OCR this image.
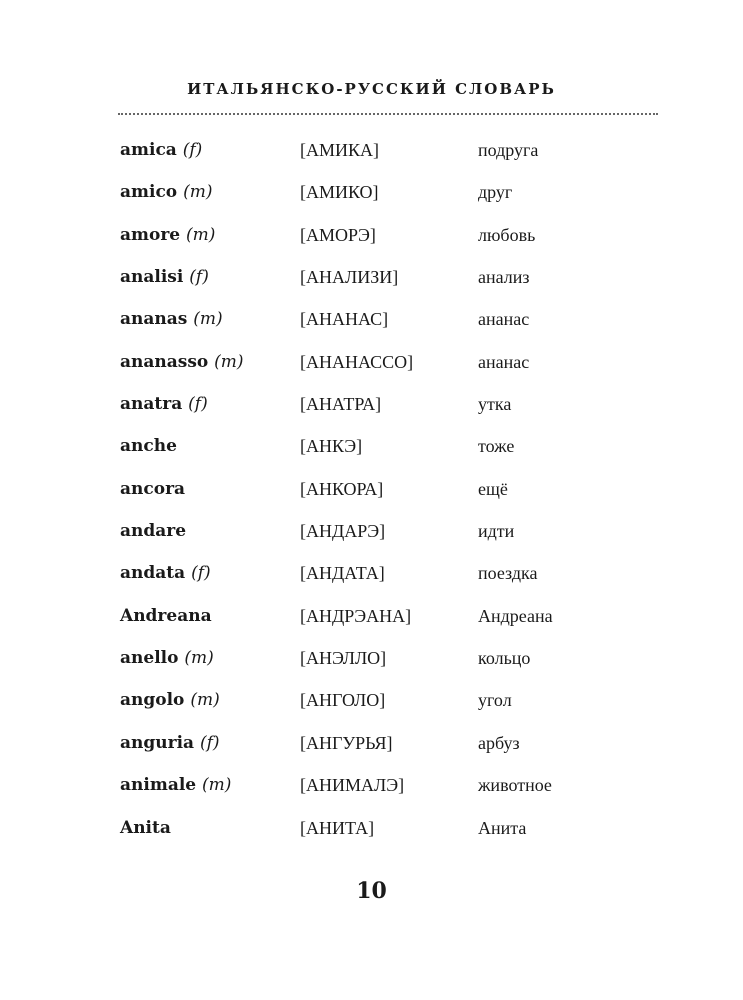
ИТАЛЬЯНСКО-РУССКИЙ СЛОВАРЬ
amica (f)	[АМИКА]	подруга
amico (m)	[АМИКО]	друг
amore (m)	[АМОРЭ]	любовь
analisi (f)	[АНАЛИЗИ]	анализ
ananas (m)	[АНАНАС]	ананас
ananasso (m)	[АНАНАССО]	ананас
anatra (f)	[АНАТРА]	утка
anche	[АНКЭ]	тоже
ancora	[АНКОРА]	ещё
andare	[АНДАРЭ]	идти
andata (f)	[АНДАТА]	поездка
Andreana	[АНДРЭАНА]	Андреана
anello (m)	[АНЭЛЛО]	кольцо
angolo (m)	[АНГОЛО]	угол
anguria (f)	[АНГУРЬЯ]	арбуз
animale (m)	[АНИМАЛЭ]	животное
Anita	[АНИТА]	Анита
10
